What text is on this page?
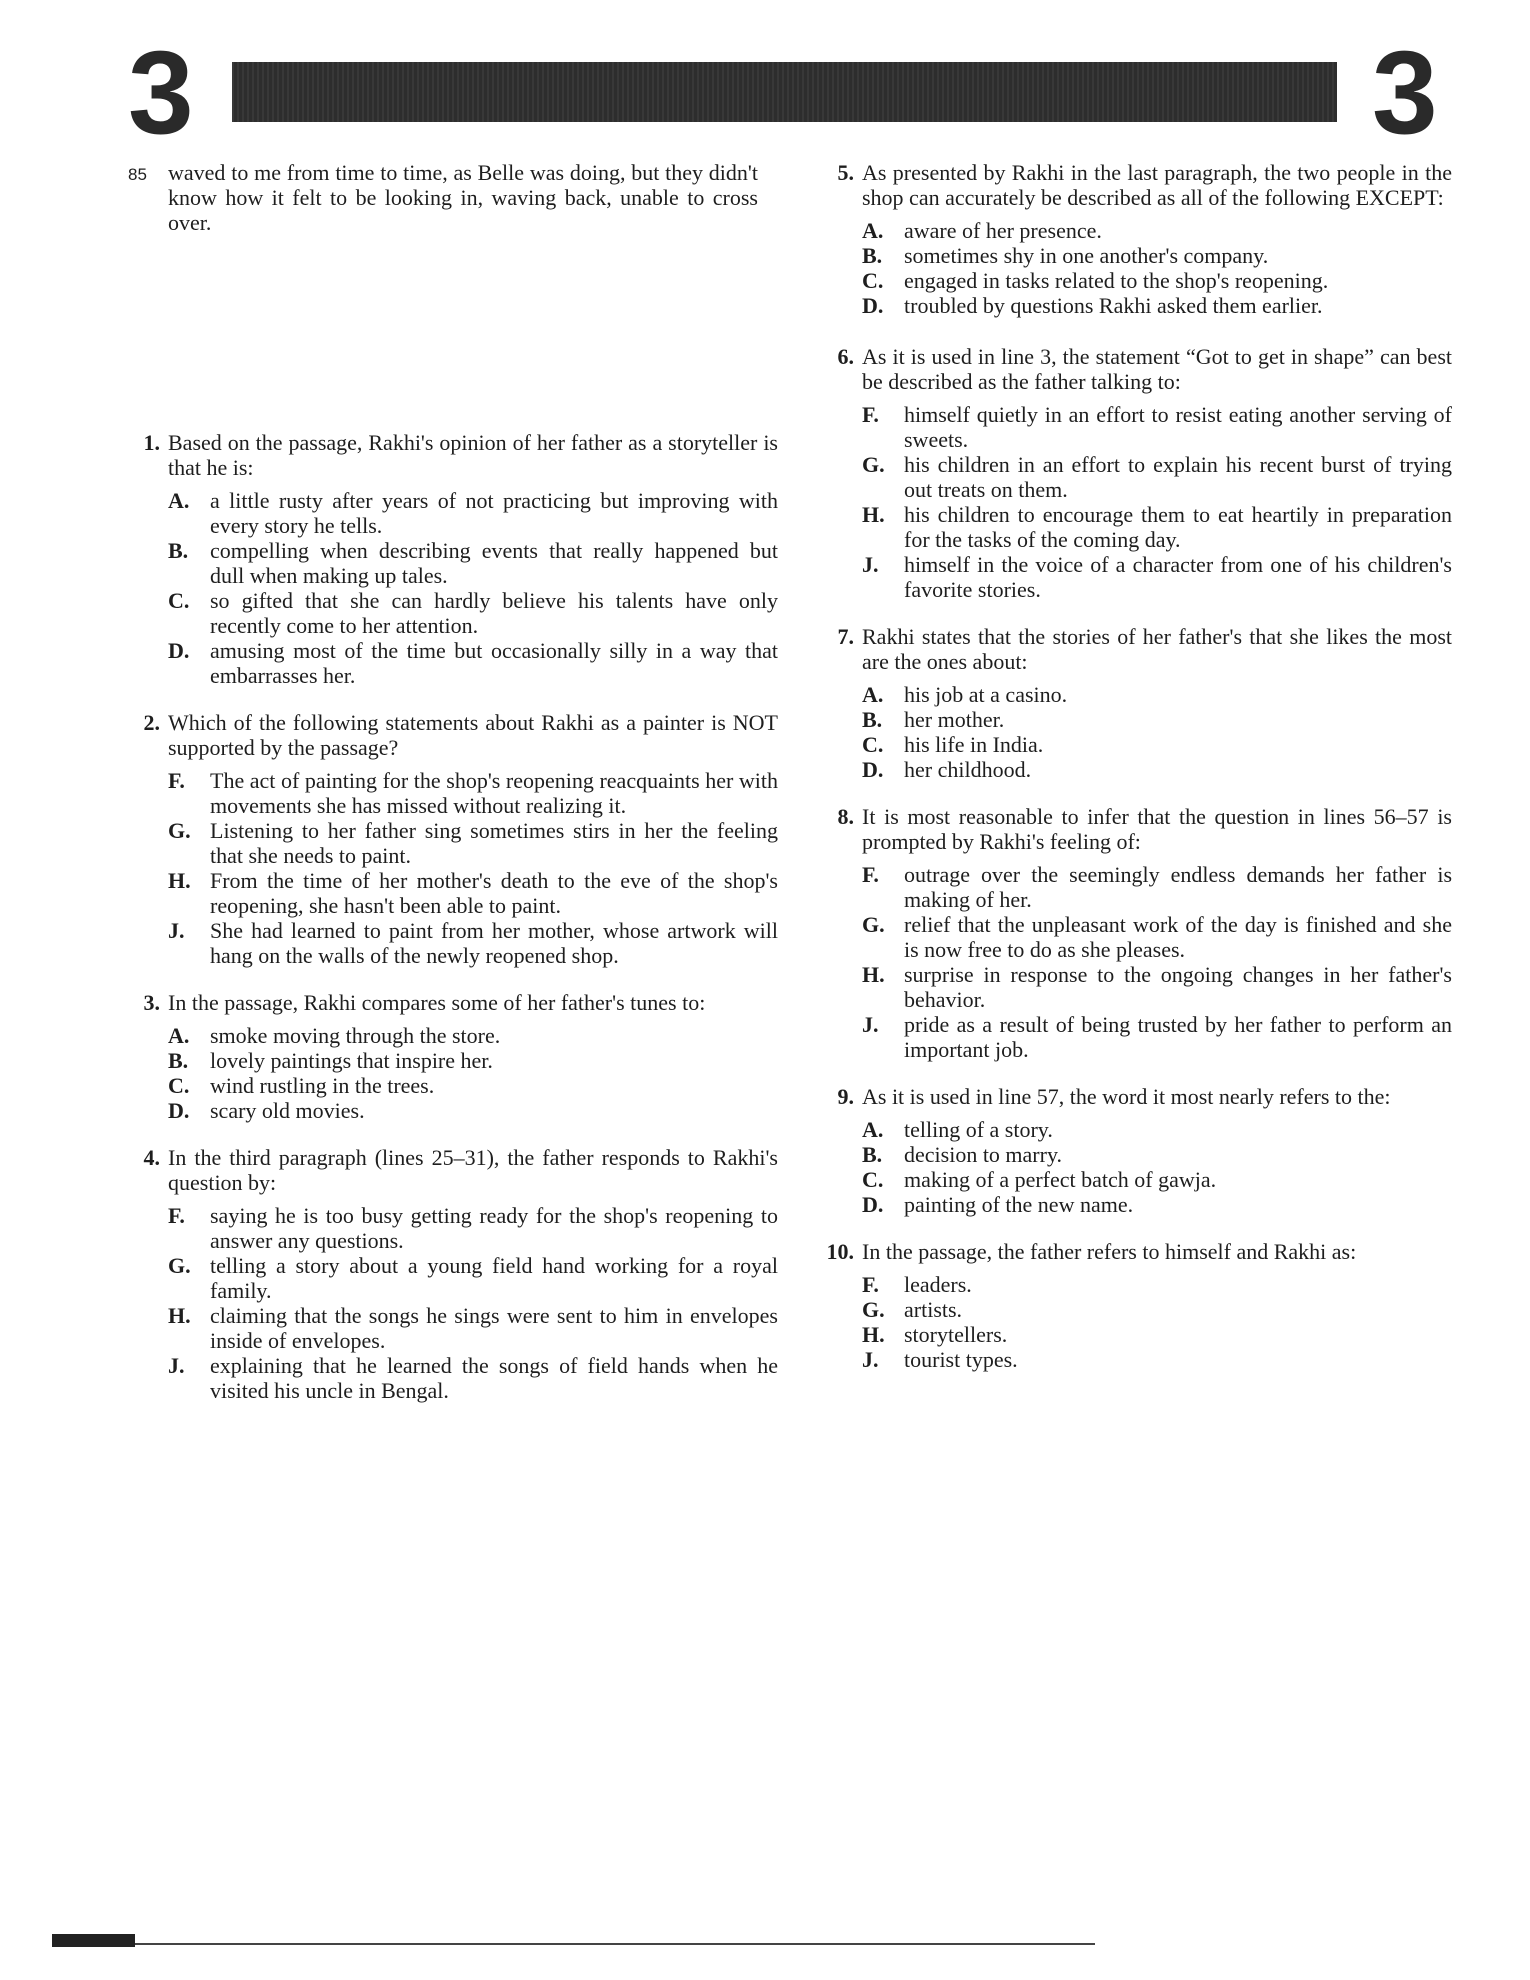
3	3
85 waved to me from time to time, as Belle was doing, but they didn't know how it felt to be looking in, waving back, unable to cross over.
1. Based on the passage, Rakhi's opinion of her father as a storyteller is that he is:
A. a little rusty after years of not practicing but improving with every story he tells.
B. compelling when describing events that really happened but dull when making up tales.
C. so gifted that she can hardly believe his talents have only recently come to her attention.
D. amusing most of the time but occasionally silly in a way that embarrasses her.
2. Which of the following statements about Rakhi as a painter is NOT supported by the passage?
F.	The act of painting for the shop's reopening reacquaints her with movements she has missed without realizing it.
G. Listening to her father sing sometimes stirs in her the feeling that she needs to paint.
H. From the time of her mother's death to the eve of the shop's reopening, she hasn't been able to paint.
J.	She had learned to paint from her mother, whose artwork will hang on the walls of the newly reopened shop.
3. In the passage, Rakhi compares some of her father's tunes to:
A. smoke moving through the store.
B. lovely paintings that inspire her.
C. wind rustling in the trees.
D. scary old movies.
4. In the third paragraph (lines 25–31), the father responds to Rakhi's question by:
F.	saying he is too busy getting ready for the shop's reopening to answer any questions.
G. telling a story about a young field hand working for a royal family.
H. claiming that the songs he sings were sent to him in envelopes inside of envelopes.
J.	explaining that he learned the songs of field hands when he visited his uncle in Bengal.
5. As presented by Rakhi in the last paragraph, the two people in the shop can accurately be described as all of the following EXCEPT:
A. aware of her presence.
B. sometimes shy in one another's company.
C. engaged in tasks related to the shop's reopening.
D. troubled by questions Rakhi asked them earlier.
6. As it is used in line 3, the statement “Got to get in shape” can best be described as the father talking to:
F.	himself quietly in an effort to resist eating another serving of sweets.
G. his children in an effort to explain his recent burst of trying out treats on them.
H. his children to encourage them to eat heartily in preparation for the tasks of the coming day.
J.	himself in the voice of a character from one of his children's favorite stories.
7. Rakhi states that the stories of her father's that she likes the most are the ones about:
A. his job at a casino.
B. her mother.
C. his life in India.
D. her childhood.
8. It is most reasonable to infer that the question in lines 56–57 is prompted by Rakhi's feeling of:
F.	outrage over the seemingly endless demands her father is making of her.
G. relief that the unpleasant work of the day is finished and she is now free to do as she pleases.
H. surprise in response to the ongoing changes in her father's behavior.
J.	pride as a result of being trusted by her father to perform an important job.
9. As it is used in line 57, the word it most nearly refers to the:
A. telling of a story.
B. decision to marry.
C. making of a perfect batch of gawja.
D. painting of the new name.
10. In the passage, the father refers to himself and Rakhi as:
F.	leaders.
G. artists.
H. storytellers.
J.	tourist types.
